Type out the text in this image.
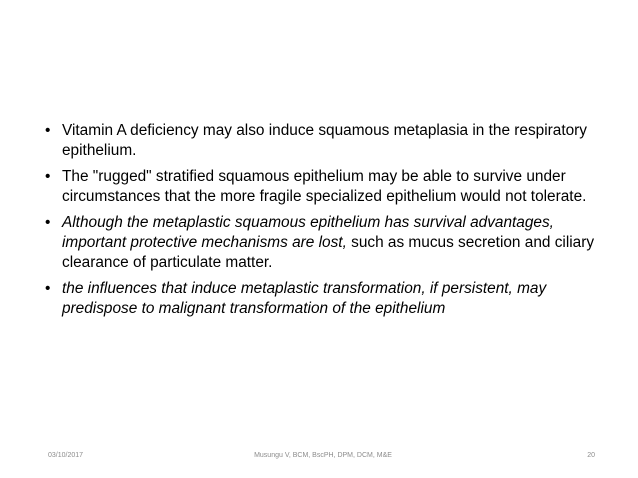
• Vitamin A deficiency may also induce squamous metaplasia in the respiratory epithelium.
• The "rugged" stratified squamous epithelium may be able to survive under circumstances that the more fragile specialized epithelium would not tolerate.
• Although the metaplastic squamous epithelium has survival advantages, important protective mechanisms are lost, such as mucus secretion and ciliary clearance of particulate matter.
• the influences that induce metaplastic transformation, if persistent, may predispose to malignant transformation of the epithelium
03/10/2017	Musungu V, BCM, BscPH, DPM, DCM, M&E	20
